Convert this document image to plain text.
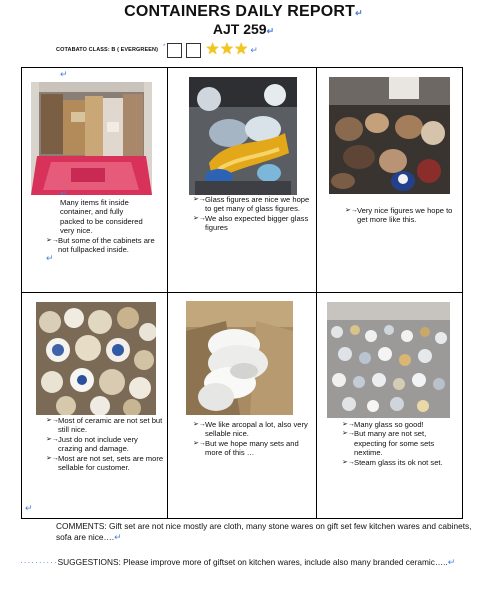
CONTAINERS DAILY REPORT↵
AJT 259↵
COTABATO CLASS: B ( EVERGREEN) *	★★★ ↵
↵
↵
Many items fit inside container, and fully packed to be considered very nice.
➢→ But some of the cabinets are not fullpacked inside.
↵
➢→ Glass figures are nice we hope to get many of glass figures.
➢→ We also expected bigger glass figures
➢→ Very nice figures we hope to get more like this.
➢→ Most of ceramic are not set but still nice.
➢→ Just do not include very crazing and damage.
➢→ Most are not set, sets are more sellable for customer.
↵
➢→ We like arcopal a lot, also very sellable nice.
➢→ But we hope many sets and more of this …
➢→ Many glass so good!
➢→ But many are not set, expecting for some sets nextime.
➢→ Steam glass its ok not set.
COMMENTS: Gift set are not nice mostly are cloth, many stone wares on gift set few kitchen wares and cabinets, sofa are nice….↵
··········SUGGESTIONS: Please improve more of giftset on kitchen wares, include also many branded ceramic…..↵
